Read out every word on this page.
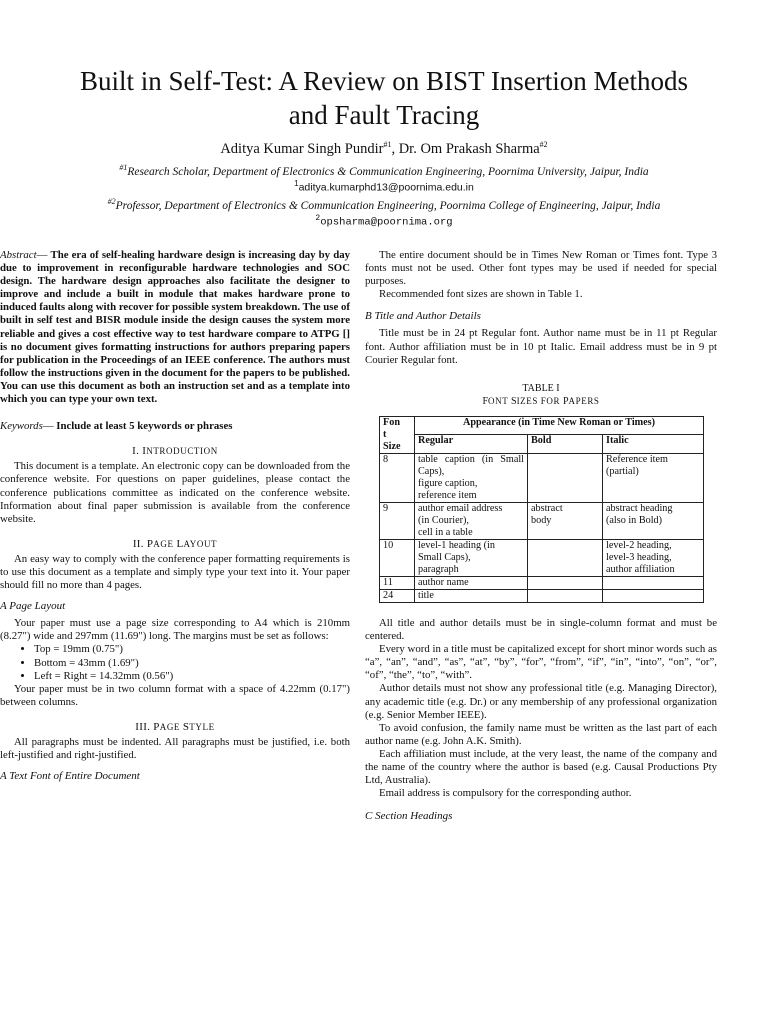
Built in Self-Test: A Review on BIST Insertion Methods
and Fault Tracing
Aditya Kumar Singh Pundir$^{\#1}$, Dr. Om Prakash Sharma$^{\#2}$
$^{\#1}$Research Scholar, Department of Electronics & Communication Engineering, Poornima University, Jaipur, India
$^1$aditya.kumarphd13@poornima.edu.in
$^{\#2}$Professor, Department of Electronics & Communication Engineering, Poornima College of Engineering, Jaipur, India
$^2$opsharma@poornima.org

Abstract— The era of self-healing hardware design is increasing day by day due to improvement in reconfigurable hardware technologies and SOC design. The hardware design approaches also facilitate the designer to improve and include a built in module that makes hardware prone to induced faults along with recover for possible system breakdown. The use of built in self test and BISR module inside the design causes the system more reliable and gives a cost effective way to test hardware compare to ATPG [] is no document gives formatting instructions for authors preparing papers for publication in the Proceedings of an IEEE conference. The authors must follow the instructions given in the document for the papers to be published. You can use this document as both an instruction set and as a template into which you can type your own text.

Keywords— Include at least 5 keywords or phrases

I. INTRODUCTION

This document is a template. An electronic copy can be downloaded from the conference website. For questions on paper guidelines, please contact the conference publications committee as indicated on the conference website. Information about final paper submission is available from the conference website.

II. PAGE LAYOUT

An easy way to comply with the conference paper formatting requirements is to use this document as a template and simply type your text into it. Your paper should fill no more than 4 pages.

A Page Layout

Your paper must use a page size corresponding to A4 which is 210mm (8.27") wide and 297mm (11.69") long. The margins must be set as follows:

• Top = 19mm (0.75")
• Bottom = 43mm (1.69")
• Left = Right = 14.32mm (0.56")

Your paper must be in two column format with a space of 4.22mm (0.17") between columns.

III. PAGE STYLE

All paragraphs must be indented. All paragraphs must be justified, i.e. both left-justified and right-justified.

A Text Font of Entire Document

The entire document should be in Times New Roman or Times font. Type 3 fonts must not be used. Other font types may be used if needed for special purposes.

Recommended font sizes are shown in Table 1.

B Title and Author Details

Title must be in 24 pt Regular font. Author name must be in 11 pt Regular font. Author affiliation must be in 10 pt Italic. Email address must be in 9 pt Courier Regular font.

TABLE I
FONT SIZES FOR PAPERS
Fon
t
Size	Appearance (in Time New Roman or Times)		
	Regular	Bold	Italic
8	table caption (in Small Caps),
figure caption,
reference item		Reference item
(partial)
9	author email address
(in Courier),
cell in a table	abstract
body	abstract heading
(also in Bold)
10	level-1 heading (in
Small Caps),
paragraph		level-2 heading,
level-3 heading,
author affiliation
11	author name		
24	title		

All title and author details must be in single-column format and must be centered.

Every word in a title must be capitalized except for short minor words such as “a”, “an”, “and”, “as”, “at”, “by”, “for”, “from”, “if”, “in”, “into”, “on”, “or”, “of”, “the”, “to”, “with”.

Author details must not show any professional title (e.g. Managing Director), any academic title (e.g. Dr.) or any membership of any professional organization (e.g. Senior Member IEEE).

To avoid confusion, the family name must be written as the last part of each author name (e.g. John A.K. Smith).

Each affiliation must include, at the very least, the name of the company and the name of the country where the author is based (e.g. Causal Productions Pty Ltd, Australia).

Email address is compulsory for the corresponding author.

C Section Headings
